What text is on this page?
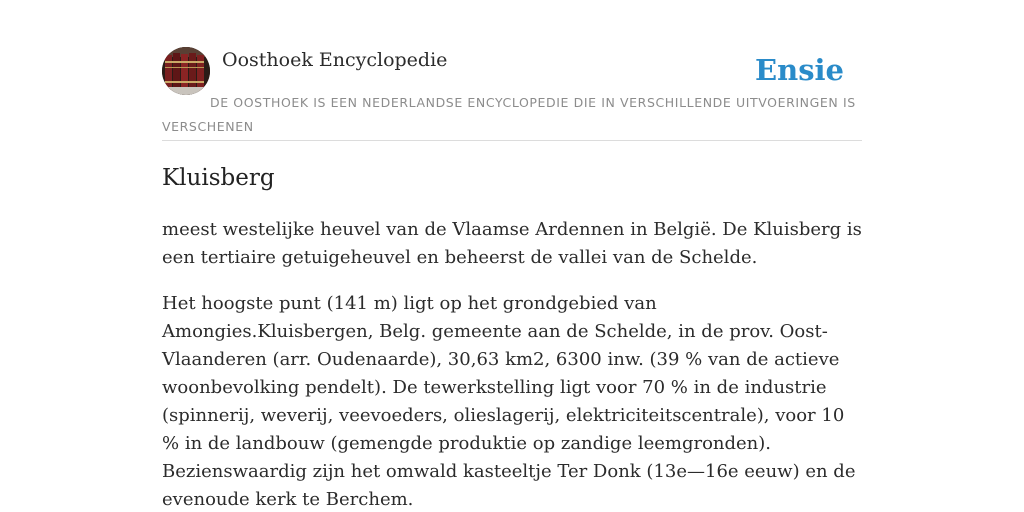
Oosthoek Encyclopedie	Ensie
DE OOSTHOEK IS EEN NEDERLANDSE ENCYCLOPEDIE DIE IN VERSCHILLENDE UITVOERINGEN IS VERSCHENEN
Kluisberg

meest westelijke heuvel van de Vlaamse Ardennen in België. De Kluisberg is een tertiaire getuigeheuvel en beheerst de vallei van de Schelde.

Het hoogste punt (141 m) ligt op het grondgebied van Amongies.Kluisbergen, Belg. gemeente aan de Schelde, in de prov. Oost-Vlaanderen (arr. Oudenaarde), 30,63 km2, 6300 inw. (39 % van de actieve woonbevolking pendelt). De tewerkstelling ligt voor 70 % in de industrie (spinnerij, weverij, veevoeders, olieslagerij, elektriciteitscentrale), voor 10 % in de landbouw (gemengde produktie op zandige leemgronden). Bezienswaardig zijn het omwald kasteeltje Ter Donk (13e—16e eeuw) en de evenoude kerk te Berchem.
